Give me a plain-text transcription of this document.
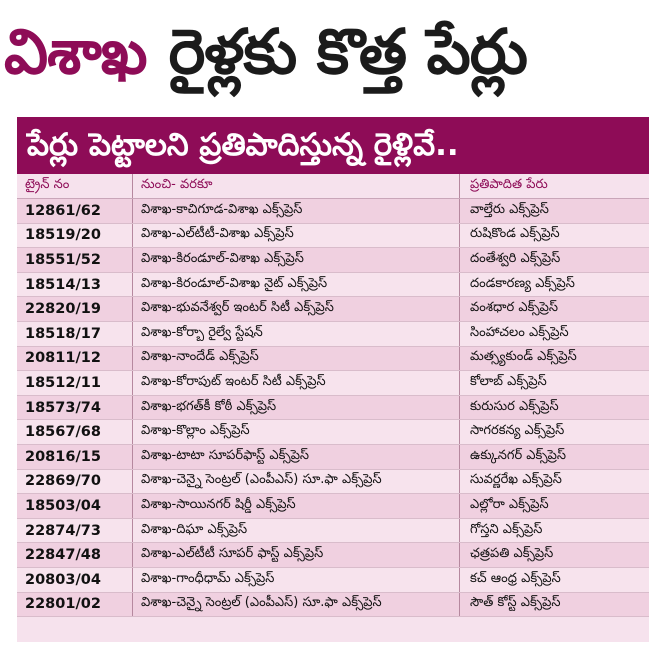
విశాఖ రైళ్లకు కొత్త పేర్లు
పేర్లు పెట్టాలని ప్రతిపాదిస్తున్న రైళ్లివే..
ట్రైన్ నం	నుంచి- వరకూ	ప్రతిపాదిత పేరు
12861/62	విశాఖ-కాచిగూడ-విశాఖ ఎక్స్‌ప్రెస్	వాల్తేరు ఎక్స్‌ప్రెస్
18519/20	విశాఖ-ఎల్‌టీటీ-విశాఖ ఎక్స్‌ప్రెస్	రుషికొండ ఎక్స్‌ప్రెస్
18551/52	విశాఖ-కిరండూల్-విశాఖ ఎక్స్‌ప్రెస్	దంతేశ్వరి ఎక్స్‌ప్రెస్
18514/13	విశాఖ-కిరండూల్-విశాఖ నైట్ ఎక్స్‌ప్రెస్	దండకారణ్య ఎక్స్‌ప్రెస్
22820/19	విశాఖ-భువనేశ్వర్ ఇంటర్ సిటీ ఎక్స్‌ప్రెస్	వంశధార ఎక్స్‌ప్రెస్
18518/17	విశాఖ-కోర్బా రైల్వే స్టేషన్	సింహాచలం ఎక్స్‌ప్రెస్
20811/12	విశాఖ-నాందేడ్ ఎక్స్‌ప్రెస్	మత్స్యకుండ్ ఎక్స్‌ప్రెస్
18512/11	విశాఖ-కోరాపుట్ ఇంటర్ సిటీ ఎక్స్‌ప్రెస్	కోలాబ్ ఎక్స్‌ప్రెస్
18573/74	విశాఖ-భగత్‌కీ కోఠీ ఎక్స్‌ప్రెస్	కురుసుర ఎక్స్‌ప్రెస్
18567/68	విశాఖ-కొల్లాం ఎక్స్‌ప్రెస్	సాగరకన్య ఎక్స్‌ప్రెస్
20816/15	విశాఖ-టాటా సూపర్‌ఫాస్ట్ ఎక్స్‌ప్రెస్	ఉక్కునగర్ ఎక్స్‌ప్రెస్
22869/70	విశాఖ-చెన్నై సెంట్రల్ (ఎంపీఎస్) సూ.ఫా ఎక్స్‌ప్రెస్	సువర్ణరేఖ ఎక్స్‌ప్రెస్
18503/04	విశాఖ-సాయినగర్ షిర్డీ ఎక్స్‌ప్రెస్	ఎల్లోరా ఎక్స్‌ప్రెస్
22874/73	విశాఖ-దిఘా ఎక్స్‌ప్రెస్	గోస్తని ఎక్స్‌ప్రెస్
22847/48	విశాఖ-ఎల్‌టీటీ సూపర్ ఫాస్ట్ ఎక్స్‌ప్రెస్	ఛత్రపతి ఎక్స్‌ప్రెస్
20803/04	విశాఖ-గాంధీధామ్ ఎక్స్‌ప్రెస్	కచ్ ఆంధ్ర ఎక్స్‌ప్రెస్
22801/02	విశాఖ-చెన్నై సెంట్రల్ (ఎంపీఎస్) సూ.ఫా ఎక్స్‌ప్రెస్	సౌత్ కోస్ట్ ఎక్స్‌ప్రెస్
